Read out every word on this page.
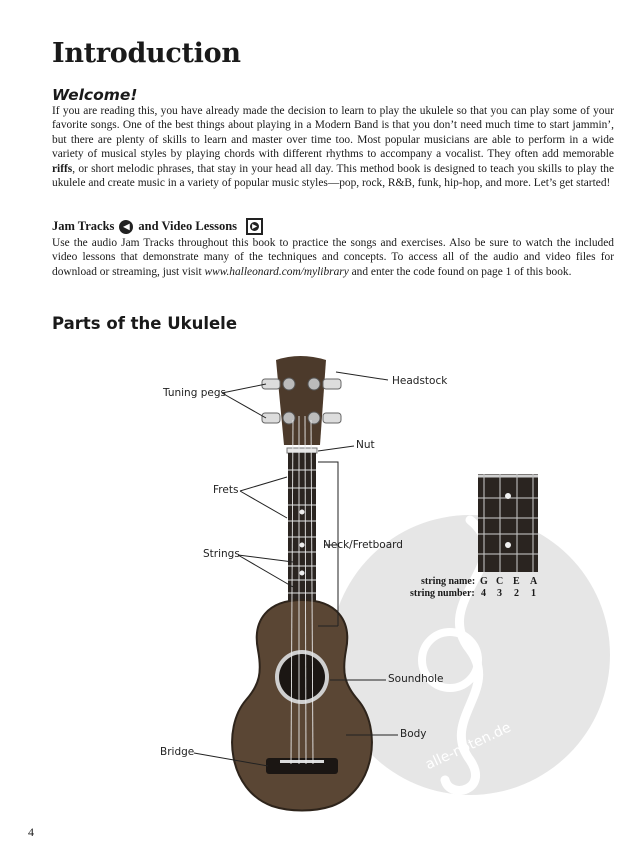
Introduction
Welcome!

If you are reading this, you have already made the decision to learn to play the ukulele so that you can play some of your favorite songs. One of the best things about playing in a Modern Band is that you don’t need much time to start jammin’, but there are plenty of skills to learn and master over time too. Most popular musicians are able to perform in a wide variety of musical styles by playing chords with different rhythms to accompany a vocalist. They often add memorable riffs, or short melodic phrases, that stay in your head all day. This method book is designed to teach you skills to play the ukulele and create music in a variety of popular music styles—pop, rock, R&B, funk, hip-hop, and more. Let’s get started!

Jam Tracks	◀ and Video Lessons	▶

Use the audio Jam Tracks throughout this book to practice the songs and exercises. Also be sure to watch the included video lessons that demonstrate many of the techniques and concepts. To access all of the audio and video files for download or streaming, just visit www.halleonard.com/mylibrary and enter the code found on page 1 of this book.

Parts of the Ukulele
alle-noten.de
Tuning pegs
Headstock
Nut
Frets
Neck/Fretboard
Strings
Soundhole
Body
Bridge
string name:
string number:
G C E A
4 3 2 1
4
